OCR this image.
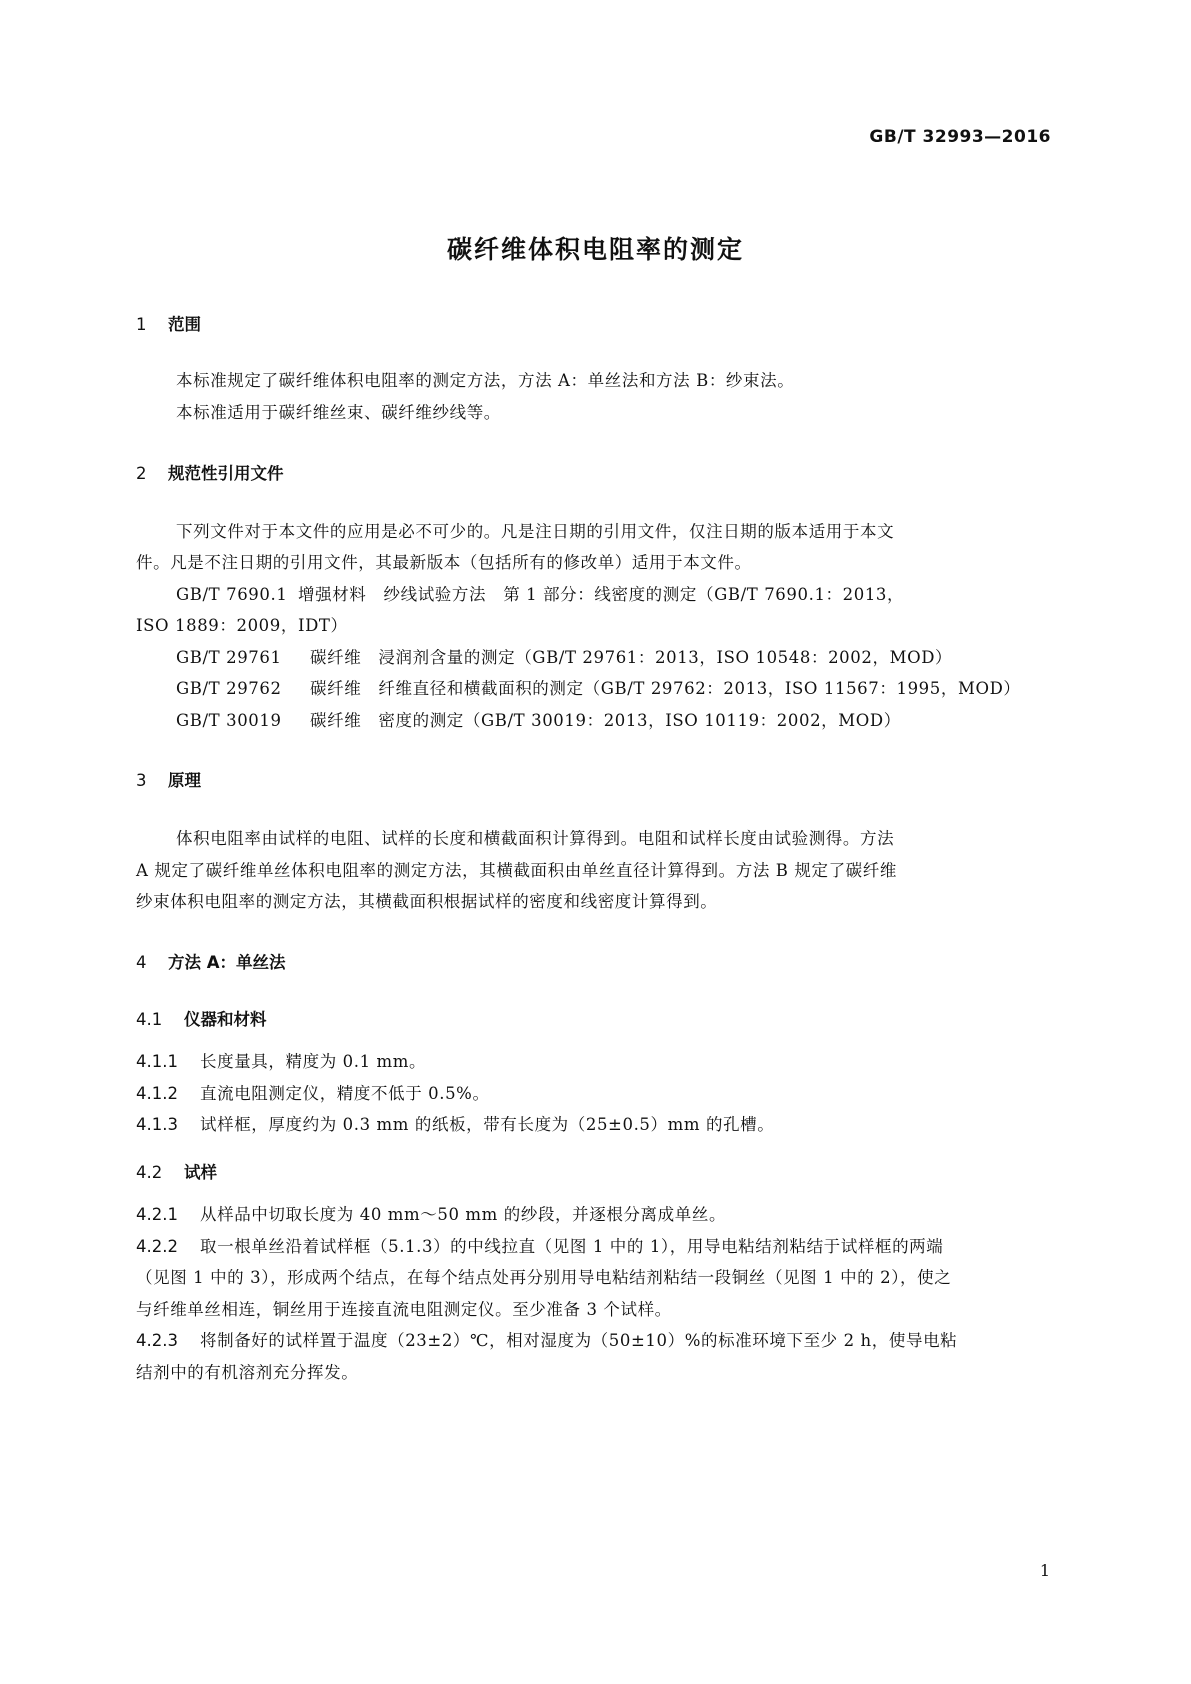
GB/T 32993—2016
碳纤维体积电阻率的测定
1 范围
本标准规定了碳纤维体积电阻率的测定方法，方法 A：单丝法和方法 B：纱束法。
本标准适用于碳纤维丝束、碳纤维纱线等。
2 规范性引用文件
下列文件对于本文件的应用是必不可少的。凡是注日期的引用文件，仅注日期的版本适用于本文
件。凡是不注日期的引用文件，其最新版本（包括所有的修改单）适用于本文件。
GB/T 7690.1 增强材料　纱线试验方法　第 1 部分：线密度的测定（GB/T 7690.1：2013，
ISO 1889：2009，IDT）
GB/T 29761 碳纤维　浸润剂含量的测定（GB/T 29761：2013，ISO 10548：2002，MOD）
GB/T 29762 碳纤维　纤维直径和横截面积的测定（GB/T 29762：2013，ISO 11567：1995，MOD）
GB/T 30019 碳纤维　密度的测定（GB/T 30019：2013，ISO 10119：2002，MOD）
3 原理
体积电阻率由试样的电阻、试样的长度和横截面积计算得到。电阻和试样长度由试验测得。方法
A 规定了碳纤维单丝体积电阻率的测定方法，其横截面积由单丝直径计算得到。方法 B 规定了碳纤维
纱束体积电阻率的测定方法，其横截面积根据试样的密度和线密度计算得到。
4 方法 A：单丝法
4.1 仪器和材料
4.1.1 长度量具，精度为 0.1 mm。
4.1.2 直流电阻测定仪，精度不低于 0.5%。
4.1.3 试样框，厚度约为 0.3 mm 的纸板，带有长度为（25±0.5）mm 的孔槽。
4.2 试样
4.2.1 从样品中切取长度为 40 mm～50 mm 的纱段，并逐根分离成单丝。
4.2.2 取一根单丝沿着试样框（5.1.3）的中线拉直（见图 1 中的 1），用导电粘结剂粘结于试样框的两端
（见图 1 中的 3），形成两个结点，在每个结点处再分别用导电粘结剂粘结一段铜丝（见图 1 中的 2），使之
与纤维单丝相连，铜丝用于连接直流电阻测定仪。至少准备 3 个试样。
4.2.3 将制备好的试样置于温度（23±2）℃，相对湿度为（50±10）%的标准环境下至少 2 h，使导电粘
结剂中的有机溶剂充分挥发。
1
